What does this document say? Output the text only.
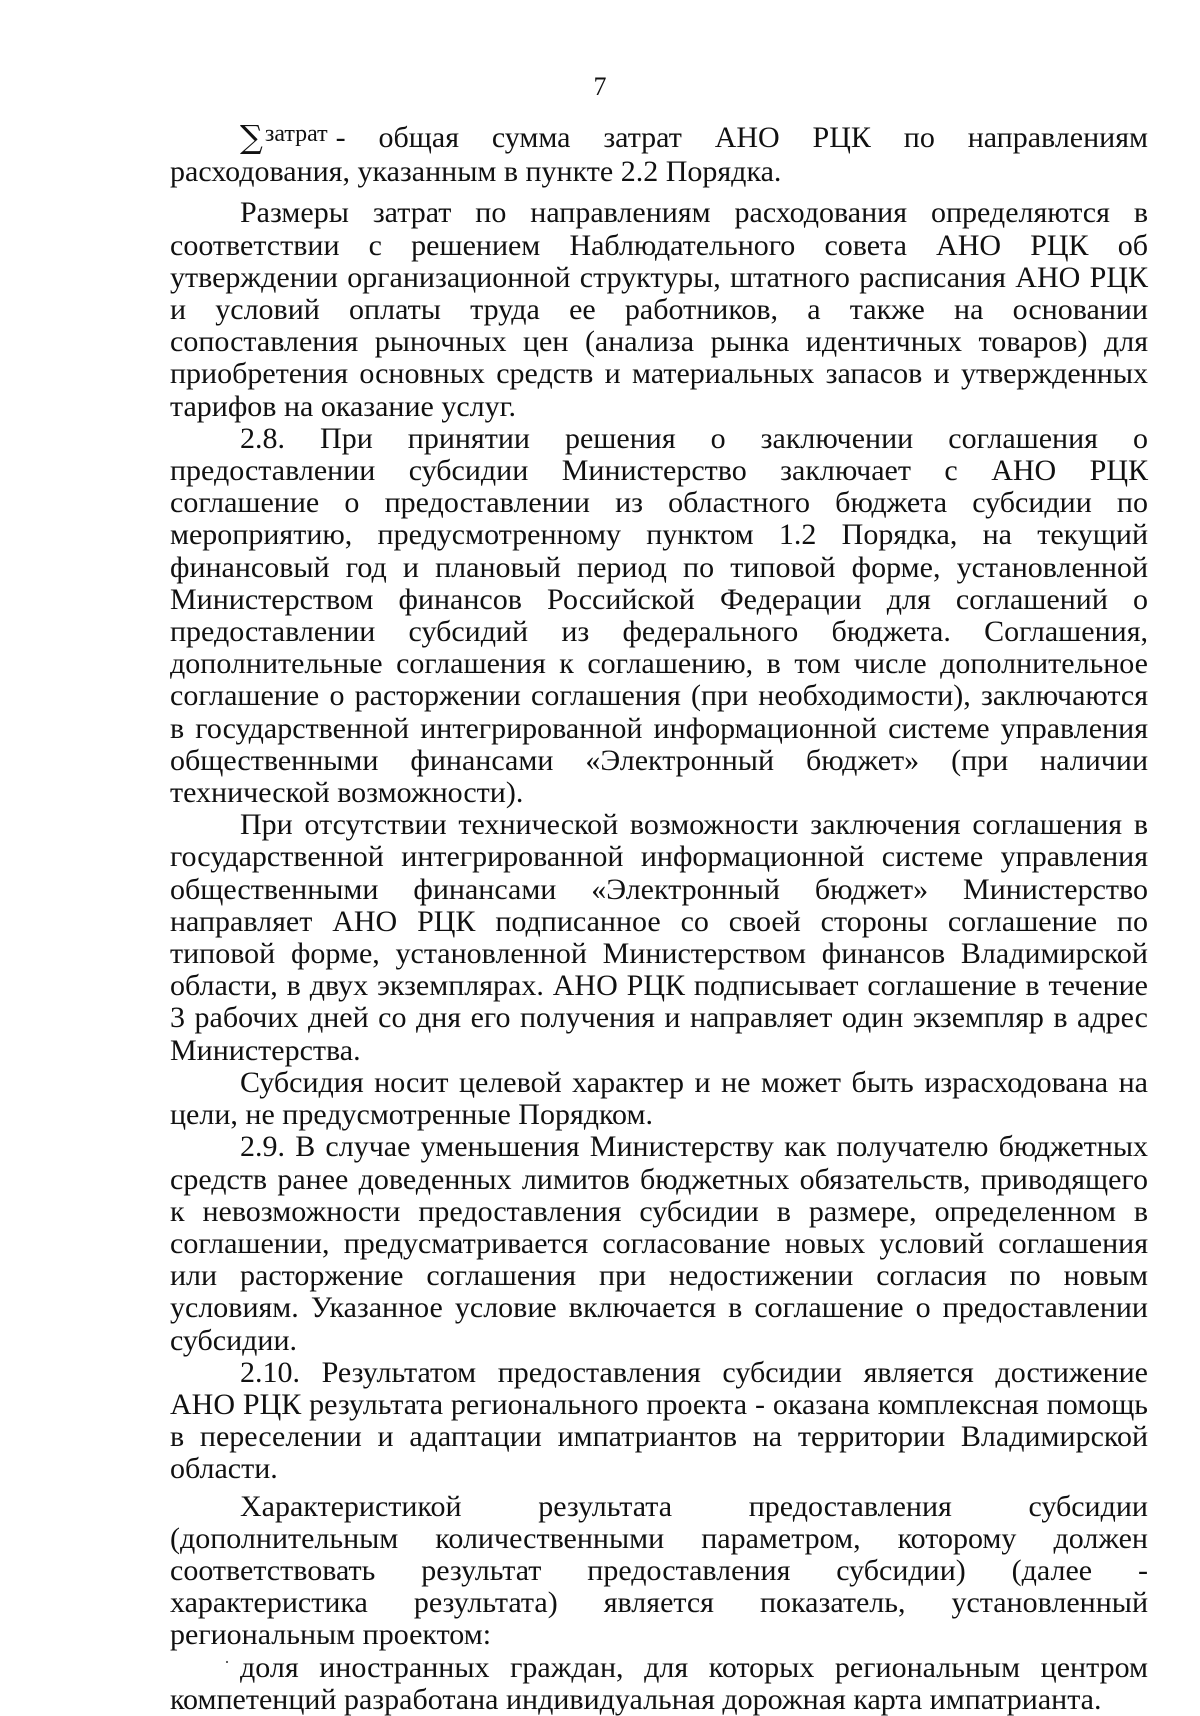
7

∑$^{затрат}$ - общая сумма затрат АНО РЦК по направлениям расходования, указанным в пункте 2.2 Порядка.

Размеры затрат по направлениям расходования определяются в соответствии с решением Наблюдательного совета АНО РЦК об утверждении организационной структуры, штатного расписания АНО РЦК и условий оплаты труда ее работников, а также на основании сопоставления рыночных цен (анализа рынка идентичных товаров) для приобретения основных средств и материальных запасов и утвержденных тарифов на оказание услуг.

2.8. При принятии решения о заключении соглашения о предоставлении субсидии Министерство заключает с АНО РЦК соглашение о предоставлении из областного бюджета субсидии по мероприятию, предусмотренному пунктом 1.2 Порядка, на текущий финансовый год и плановый период по типовой форме, установленной Министерством финансов Российской Федерации для соглашений о предоставлении субсидий из федерального бюджета. Соглашения, дополнительные соглашения к соглашению, в том числе дополнительное соглашение о расторжении соглашения (при необходимости), заключаются в государственной интегрированной информационной системе управления общественными финансами «Электронный бюджет» (при наличии технической возможности).

При отсутствии технической возможности заключения соглашения в государственной интегрированной информационной системе управления общественными финансами «Электронный бюджет» Министерство направляет АНО РЦК подписанное со своей стороны соглашение по типовой форме, установленной Министерством финансов Владимирской области, в двух экземплярах. АНО РЦК подписывает соглашение в течение 3 рабочих дней со дня его получения и направляет один экземпляр в адрес Министерства.

Субсидия носит целевой характер и не может быть израсходована на цели, не предусмотренные Порядком.

2.9. В случае уменьшения Министерству как получателю бюджетных средств ранее доведенных лимитов бюджетных обязательств, приводящего к невозможности предоставления субсидии в размере, определенном в соглашении, предусматривается согласование новых условий соглашения или расторжение соглашения при недостижении согласия по новым условиям. Указанное условие включается в соглашение о предоставлении субсидии.

2.10. Результатом предоставления субсидии является достижение АНО РЦК результата регионального проекта - оказана комплексная помощь в переселении и адаптации импатриантов на территории Владимирской области.

Характеристикой результата предоставления субсидии (дополнительным количественными параметром, которому должен соответствовать результат предоставления субсидии) (далее - характеристика результата) является показатель, установленный региональным проектом:

доля иностранных граждан, для которых региональным центром компетенций разработана индивидуальная дорожная карта импатрианта.

·
